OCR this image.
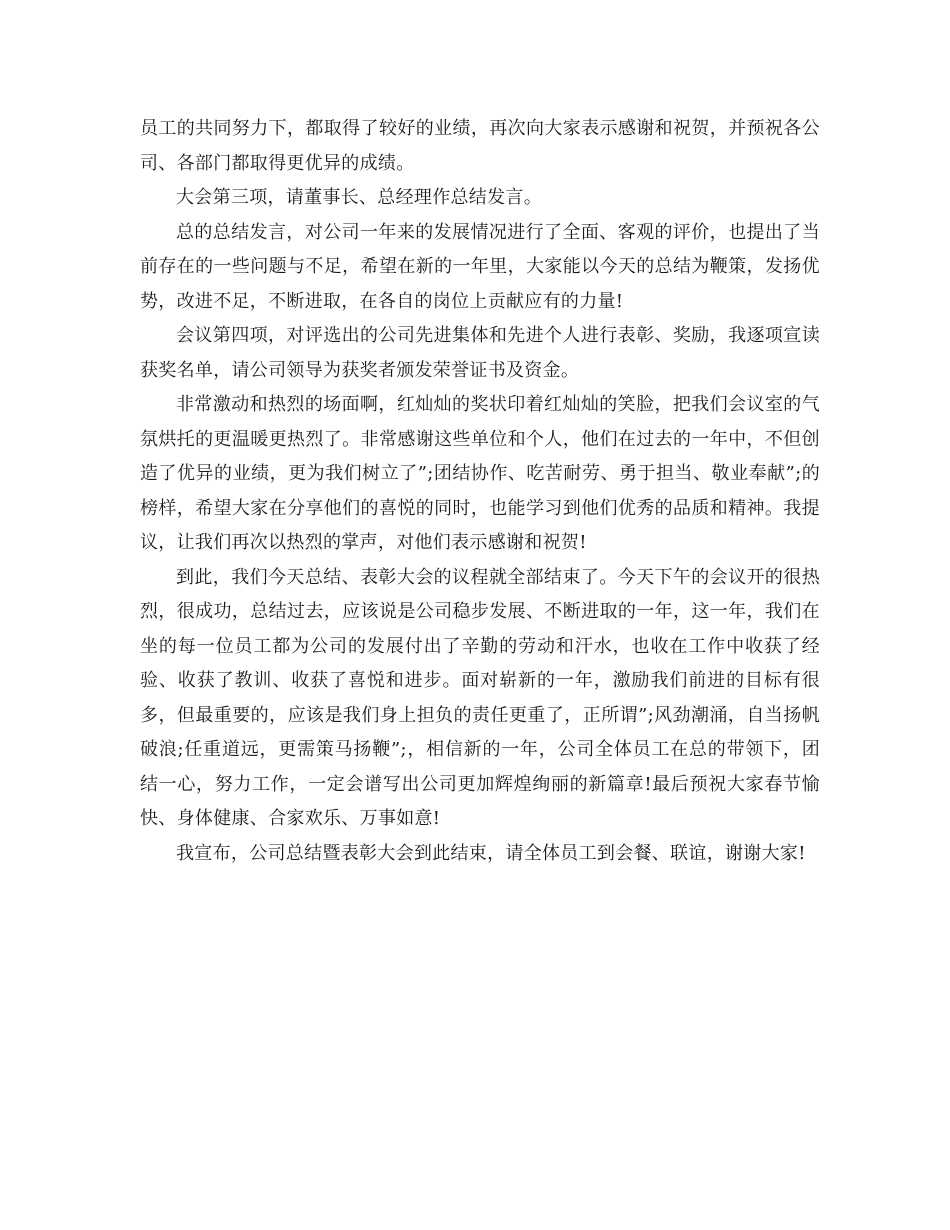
员工的共同努力下，都取得了较好的业绩，再次向大家表示感谢和祝贺，并预祝各公司、各部门都取得更优异的成绩。

大会第三项，请董事长、总经理作总结发言。

总的总结发言，对公司一年来的发展情况进行了全面、客观的评价，也提出了当前存在的一些问题与不足，希望在新的一年里，大家能以今天的总结为鞭策，发扬优势，改进不足，不断进取，在各自的岗位上贡献应有的力量!

会议第四项，对评选出的公司先进集体和先进个人进行表彰、奖励，我逐项宣读获奖名单，请公司领导为获奖者颁发荣誉证书及资金。

非常激动和热烈的场面啊，红灿灿的奖状印着红灿灿的笑脸，把我们会议室的气氛烘托的更温暖更热烈了。非常感谢这些单位和个人，他们在过去的一年中，不但创造了优异的业绩，更为我们树立了”;团结协作、吃苦耐劳、勇于担当、敬业奉献”;的榜样，希望大家在分享他们的喜悦的同时，也能学习到他们优秀的品质和精神。我提议，让我们再次以热烈的掌声，对他们表示感谢和祝贺!

到此，我们今天总结、表彰大会的议程就全部结束了。今天下午的会议开的很热烈，很成功，总结过去，应该说是公司稳步发展、不断进取的一年，这一年，我们在坐的每一位员工都为公司的发展付出了辛勤的劳动和汗水，也收在工作中收获了经验、收获了教训、收获了喜悦和进步。面对崭新的一年，激励我们前进的目标有很多，但最重要的，应该是我们身上担负的责任更重了，正所谓”;风劲潮涌，自当扬帆破浪;任重道远，更需策马扬鞭”;，相信新的一年，公司全体员工在总的带领下，团结一心，努力工作，一定会谱写出公司更加辉煌绚丽的新篇章!最后预祝大家春节愉快、身体健康、合家欢乐、万事如意!

我宣布，公司总结暨表彰大会到此结束，请全体员工到会餐、联谊，谢谢大家!
